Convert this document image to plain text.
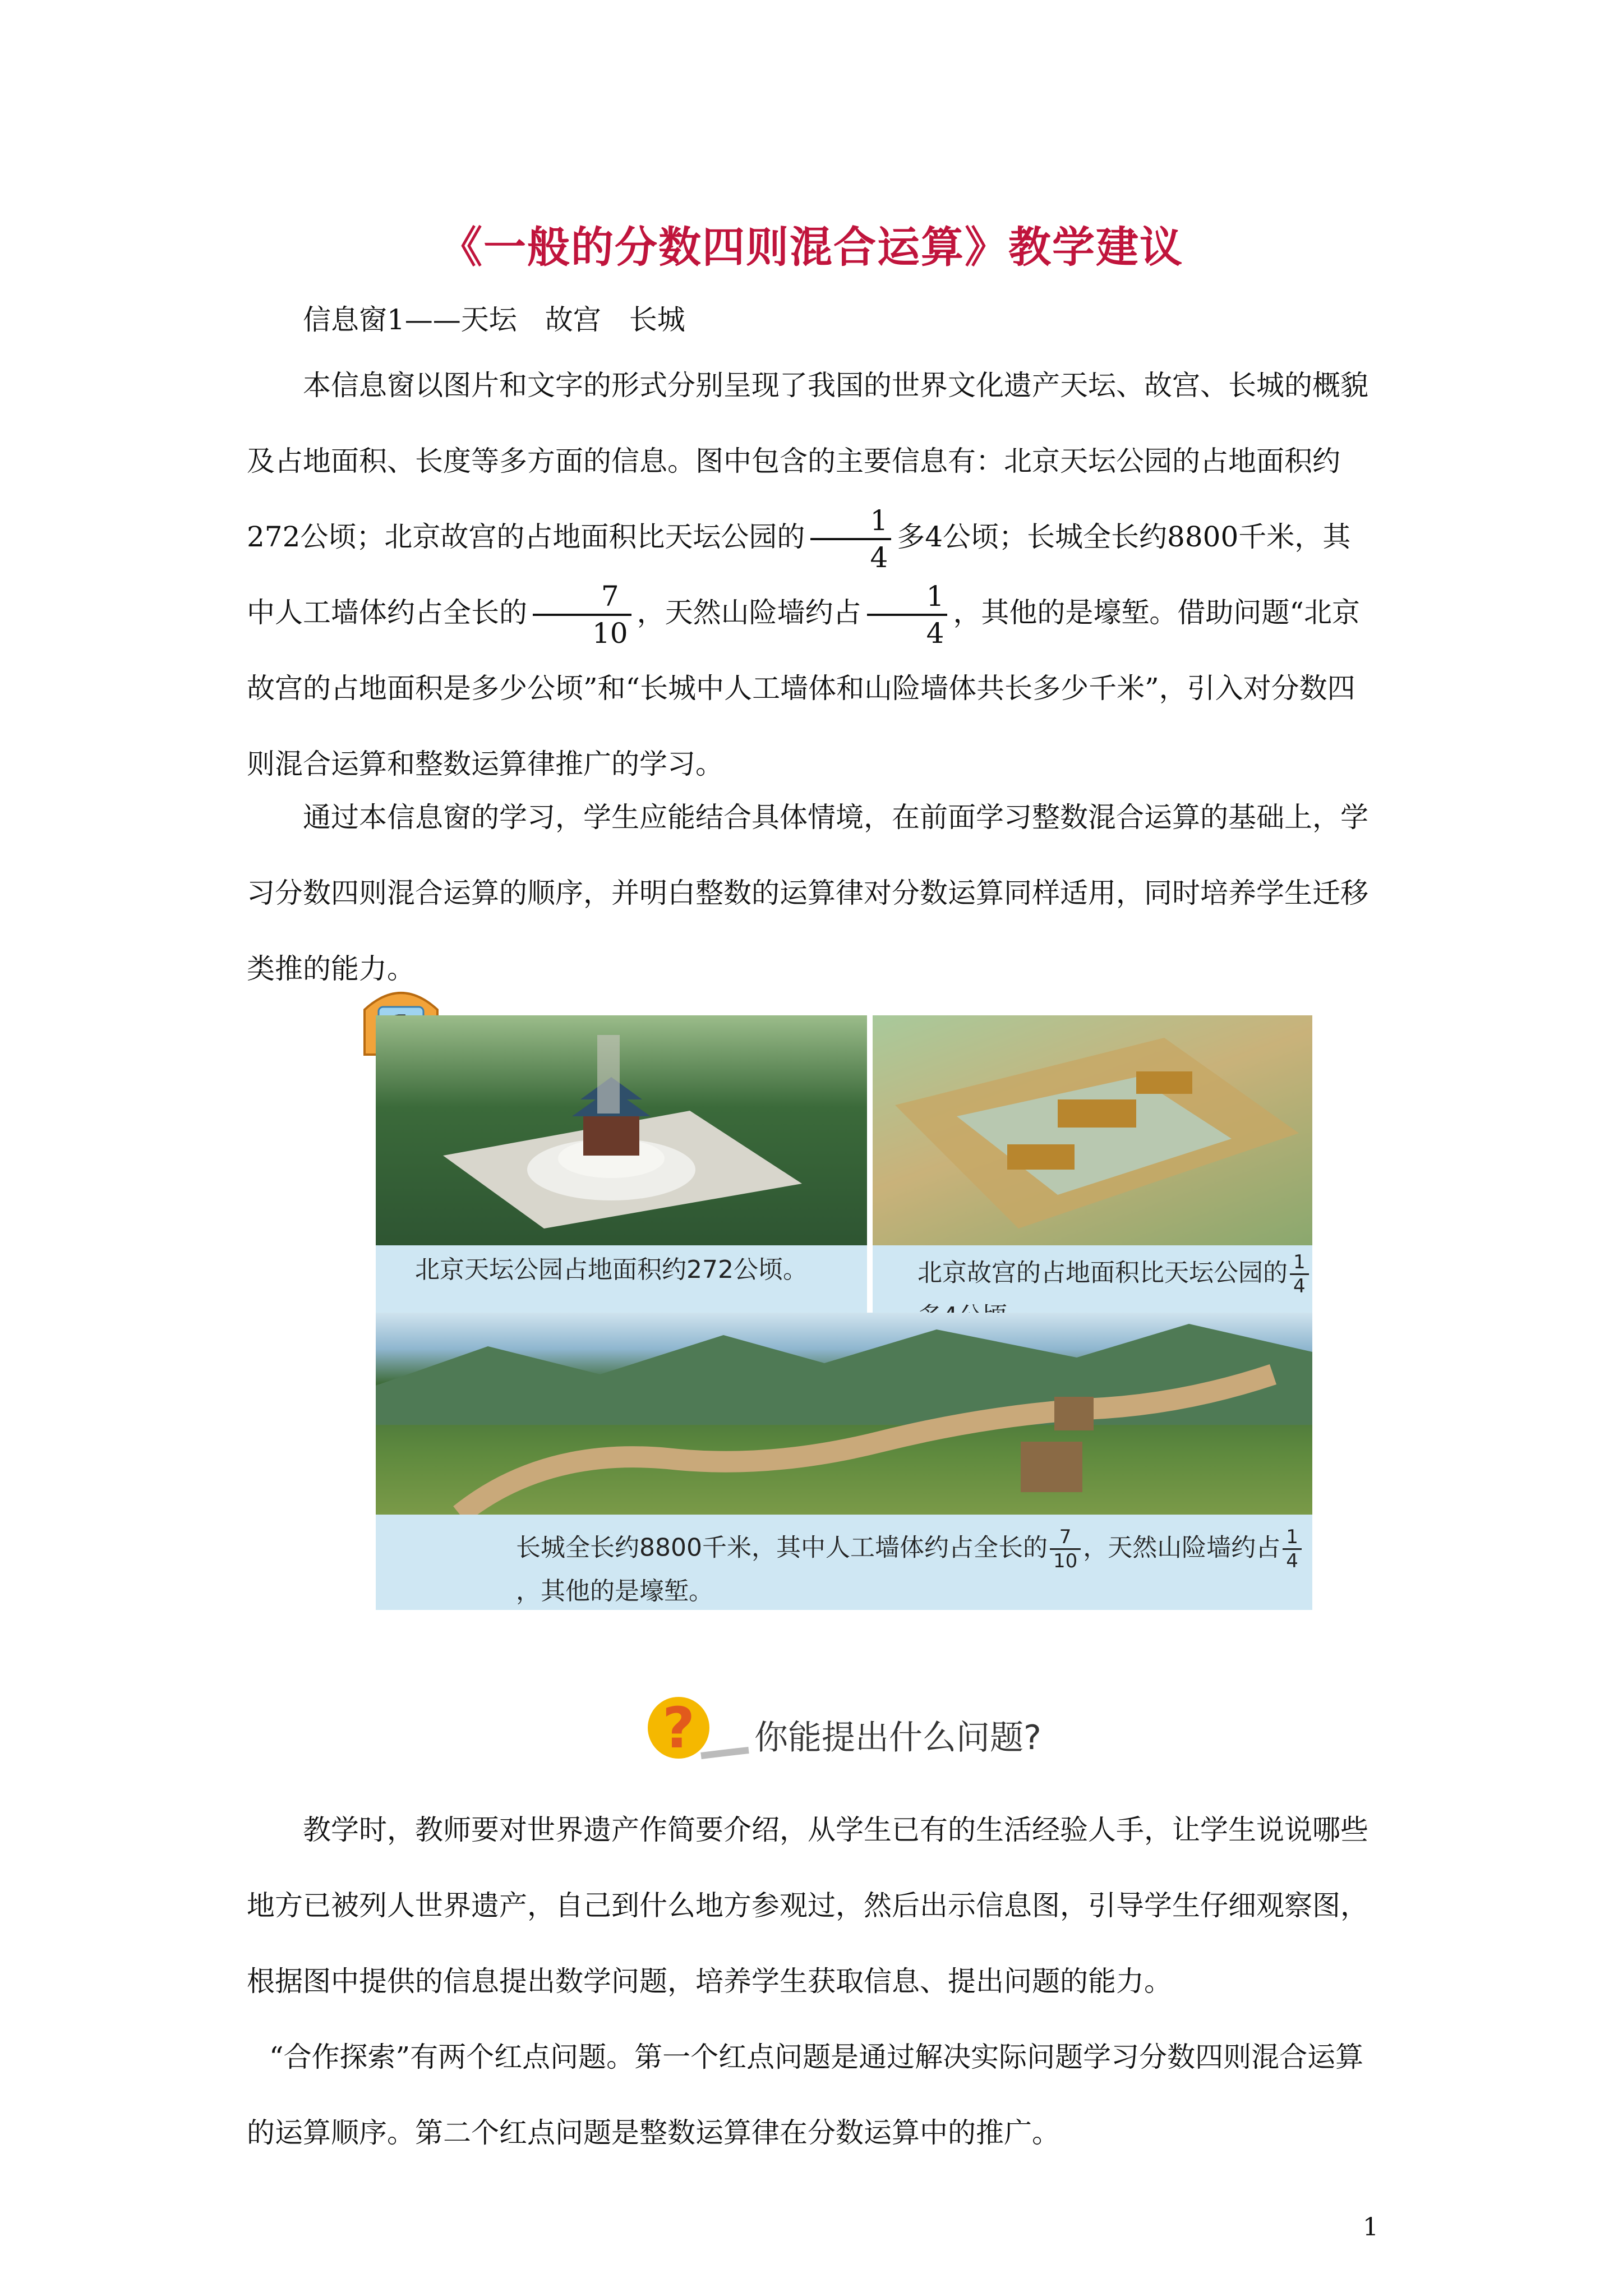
《一般的分数四则混合运算》教学建议
信息窗1——天坛　故宫　长城
本信息窗以图片和文字的形式分别呈现了我国的世界文化遗产天坛、故宫、长城的概貌及占地面积、长度等多方面的信息。图中包含的主要信息有：北京天坛公园的占地面积约272公顷；北京故宫的占地面积比天坛公园的 $\frac{1}{4}$ 多4公顷；长城全长约8800千米，其中人工墙体约占全长的 $\frac{7}{10}$ ，天然山险墙约占 $\frac{1}{4}$ ，其他的是壕堑。借助问题“北京故宫的占地面积是多少公顷”和“长城中人工墙体和山险墙体共长多少千米”，引入对分数四则混合运算和整数运算律推广的学习。
通过本信息窗的学习，学生应能结合具体情境，在前面学习整数混合运算的基础上，学习分数四则混合运算的顺序，并明白整数的运算律对分数运算同样适用，同时培养学生迁移类推的能力。
北京天坛公园占地面积约272公顷。	北京故宫的占地面积比天坛公园的 $\frac{1}{4}$
长城全长约8800千米，其中人工墙体约占全长的 $\frac{7}{10}$ ，天然山险墙约占 $\frac{1}{4}$
，其他的是壕堑。
? 你能提出什么问题?
教学时，教师要对世界遗产作简要介绍，从学生已有的生活经验人手，让学生说说哪些地方已被列人世界遗产，自己到什么地方参观过，然后出示信息图，引导学生仔细观察图，根据图中提供的信息提出数学问题，培养学生获取信息、提出问题的能力。
“合作探索”有两个红点问题。第一个红点问题是通过解决实际问题学习分数四则混合运算的运算顺序。第二个红点问题是整数运算律在分数运算中的推广。
1
